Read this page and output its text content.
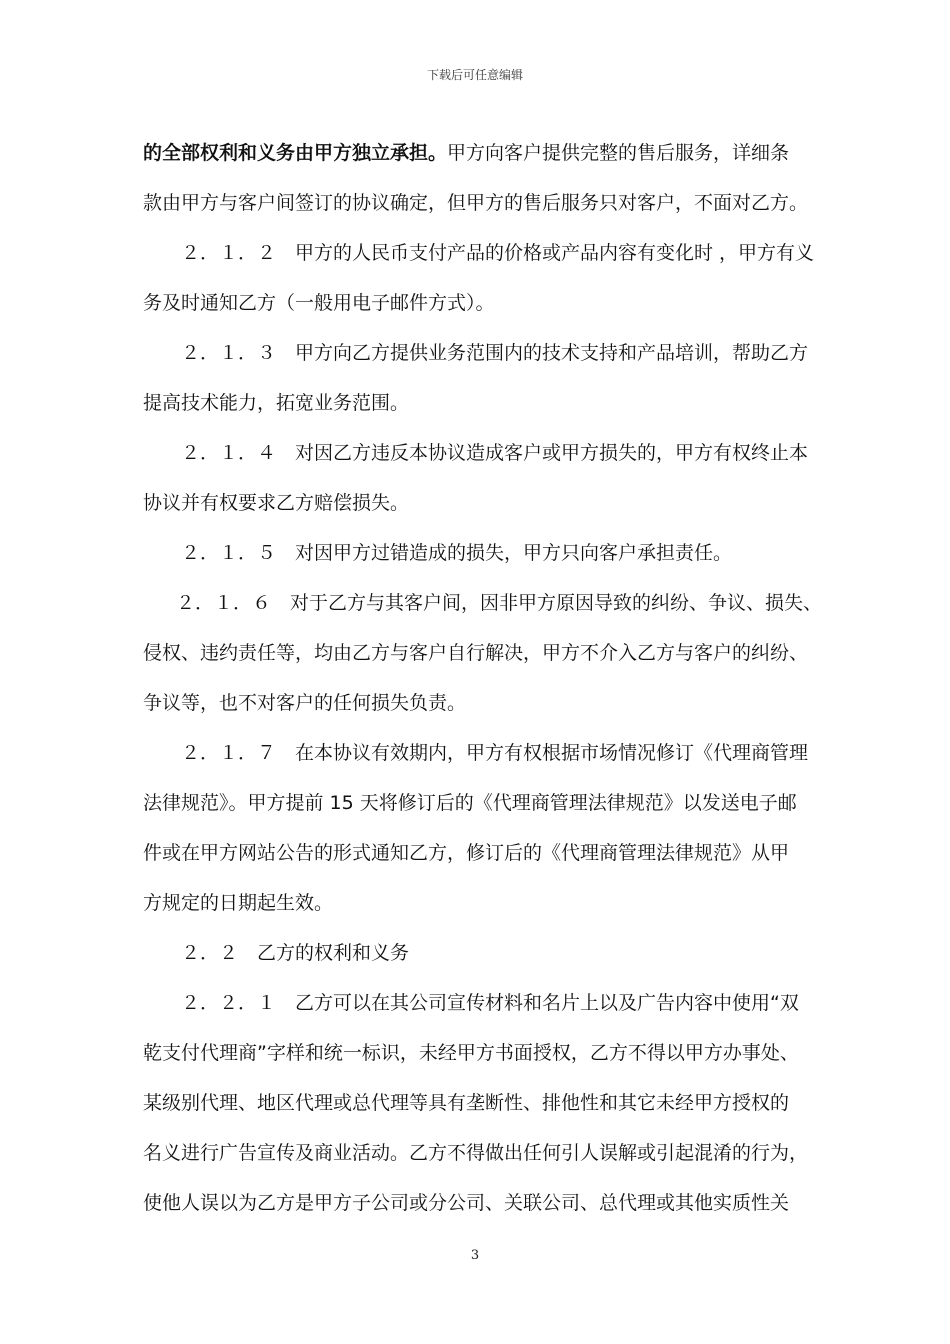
下载后可任意编辑
的全部权利和义务由甲方独立承担。甲方向客户提供完整的售后服务，详细条
款由甲方与客户间签订的协议确定，但甲方的售后服务只对客户，不面对乙方。
２．１．２　甲方的人民币支付产品的价格或产品内容有变化时 ，甲方有义
务及时通知乙方（一般用电子邮件方式）。
２．１．３　甲方向乙方提供业务范围内的技术支持和产品培训，帮助乙方
提高技术能力，拓宽业务范围。
２．１．４　对因乙方违反本协议造成客户或甲方损失的，甲方有权终止本
协议并有权要求乙方赔偿损失。
２．１．５　对因甲方过错造成的损失，甲方只向客户承担责任。
２．１．６　对于乙方与其客户间，因非甲方原因导致的纠纷、争议、损失、
侵权、违约责任等，均由乙方与客户自行解决，甲方不介入乙方与客户的纠纷、
争议等，也不对客户的任何损失负责。
２．１．７　在本协议有效期内，甲方有权根据市场情况修订《代理商管理
法律规范》。甲方提前 15 天将修订后的《代理商管理法律规范》以发送电子邮
件或在甲方网站公告的形式通知乙方，修订后的《代理商管理法律规范》从甲
方规定的日期起生效。
２．２　乙方的权利和义务
２．２．１　乙方可以在其公司宣传材料和名片上以及广告内容中使用“双
乾支付代理商”字样和统一标识，未经甲方书面授权，乙方不得以甲方办事处、
某级别代理、地区代理或总代理等具有垄断性、排他性和其它未经甲方授权的
名义进行广告宣传及商业活动。乙方不得做出任何引人误解或引起混淆的行为，
使他人误以为乙方是甲方子公司或分公司、关联公司、总代理或其他实质性关
3
